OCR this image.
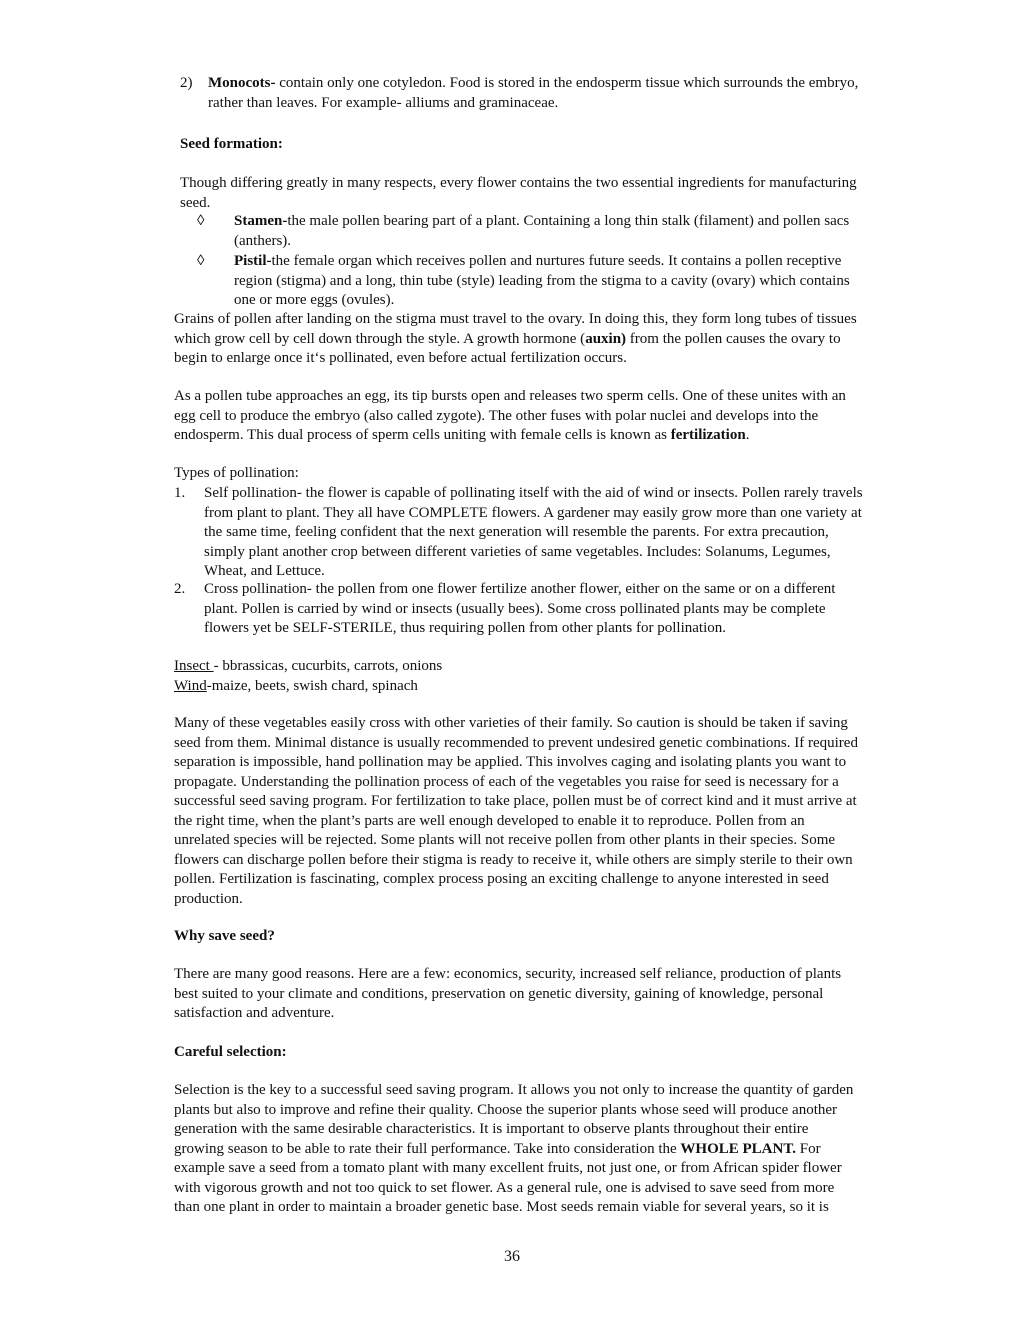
2) Monocots- contain only one cotyledon. Food is stored in the endosperm tissue which surrounds the embryo,
rather than leaves. For example- alliums and graminaceae.
Seed formation:
Though differing greatly in many respects, every flower contains the two essential ingredients for manufacturing
seed.
◊ Stamen-the male pollen bearing part of a plant. Containing a long thin stalk (filament) and pollen sacs
(anthers).
◊ Pistil-the female organ which receives pollen and nurtures future seeds. It contains a pollen receptive
region (stigma) and a long, thin tube (style) leading from the stigma to a cavity (ovary) which contains
one or more eggs (ovules).
Grains of pollen after landing on the stigma must travel to the ovary. In doing this, they form long tubes of tissues
which grow cell by cell down through the style. A growth hormone (auxin) from the pollen causes the ovary to
begin to enlarge once it‘s pollinated, even before actual fertilization occurs.
As a pollen tube approaches an egg, its tip bursts open and releases two sperm cells. One of these unites with an
egg cell to produce the embryo (also called zygote). The other fuses with polar nuclei and develops into the
endosperm. This dual process of sperm cells uniting with female cells is known as fertilization.
Types of pollination:
1. Self pollination- the flower is capable of pollinating itself with the aid of wind or insects. Pollen rarely travels
from plant to plant. They all have COMPLETE flowers. A gardener may easily grow more than one variety at
the same time, feeling confident that the next generation will resemble the parents. For extra precaution,
simply plant another crop between different varieties of same vegetables. Includes: Solanums, Legumes,
Wheat, and Lettuce.
2. Cross pollination- the pollen from one flower fertilize another flower, either on the same or on a different
plant. Pollen is carried by wind or insects (usually bees). Some cross pollinated plants may be complete
flowers yet be SELF-STERILE, thus requiring pollen from other plants for pollination.
Insect - bbrassicas, cucurbits, carrots, onions
Wind-maize, beets, swish chard, spinach
Many of these vegetables easily cross with other varieties of their family. So caution is should be taken if saving
seed from them. Minimal distance is usually recommended to prevent undesired genetic combinations. If required
separation is impossible, hand pollination may be applied. This involves caging and isolating plants you want to
propagate. Understanding the pollination process of each of the vegetables you raise for seed is necessary for a
successful seed saving program. For fertilization to take place, pollen must be of correct kind and it must arrive at
the right time, when the plant’s parts are well enough developed to enable it to reproduce. Pollen from an
unrelated species will be rejected. Some plants will not receive pollen from other plants in their species. Some
flowers can discharge pollen before their stigma is ready to receive it, while others are simply sterile to their own
pollen. Fertilization is fascinating, complex process posing an exciting challenge to anyone interested in seed
production.
Why save seed?
There are many good reasons. Here are a few: economics, security, increased self reliance, production of plants
best suited to your climate and conditions, preservation on genetic diversity, gaining of knowledge, personal
satisfaction and adventure.
Careful selection:
Selection is the key to a successful seed saving program. It allows you not only to increase the quantity of garden
plants but also to improve and refine their quality. Choose the superior plants whose seed will produce another
generation with the same desirable characteristics. It is important to observe plants throughout their entire
growing season to be able to rate their full performance. Take into consideration the WHOLE PLANT. For
example save a seed from a tomato plant with many excellent fruits, not just one, or from African spider flower
with vigorous growth and not too quick to set flower. As a general rule, one is advised to save seed from more
than one plant in order to maintain a broader genetic base. Most seeds remain viable for several years, so it is
36
